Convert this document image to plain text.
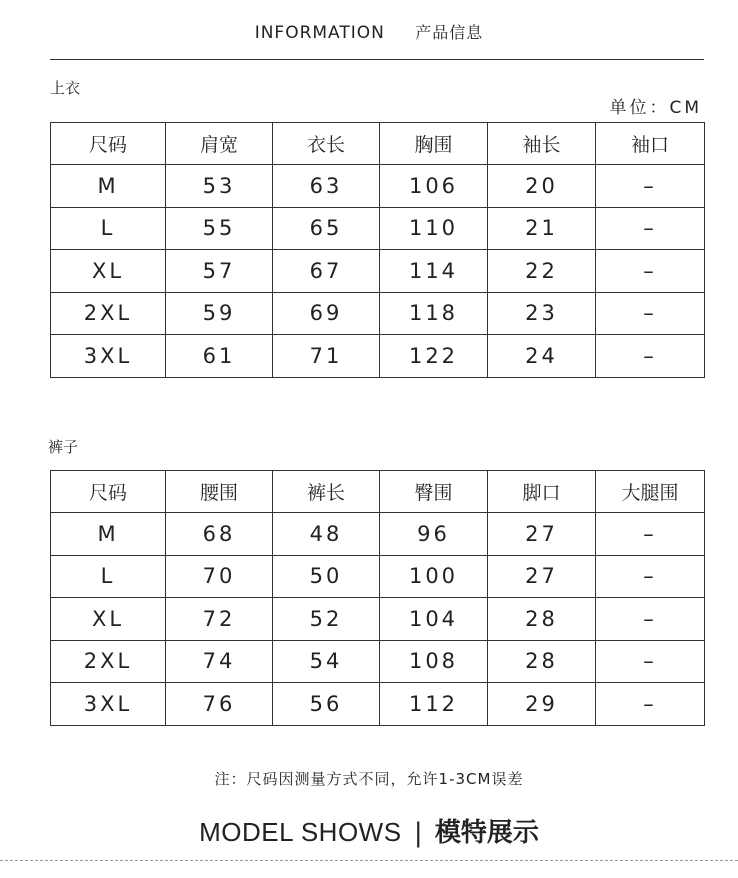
INFORMATION 产品信息
上衣
单位：CM
尺码	肩宽	衣长	胸围	袖长	袖口
M	53	63	106	20	–
L	55	65	110	21	–
XL	57	67	114	22	–
2XL	59	69	118	23	–
3XL	61	71	122	24	–
裤子
尺码	腰围	裤长	臀围	脚口	大腿围
M	68	48	96	27	–
L	70	50	100	27	–
XL	72	52	104	28	–
2XL	74	54	108	28	–
3XL	76	56	112	29	–
注：尺码因测量方式不同，允许1-3CM误差
MODEL SHOWS | 模特展示
